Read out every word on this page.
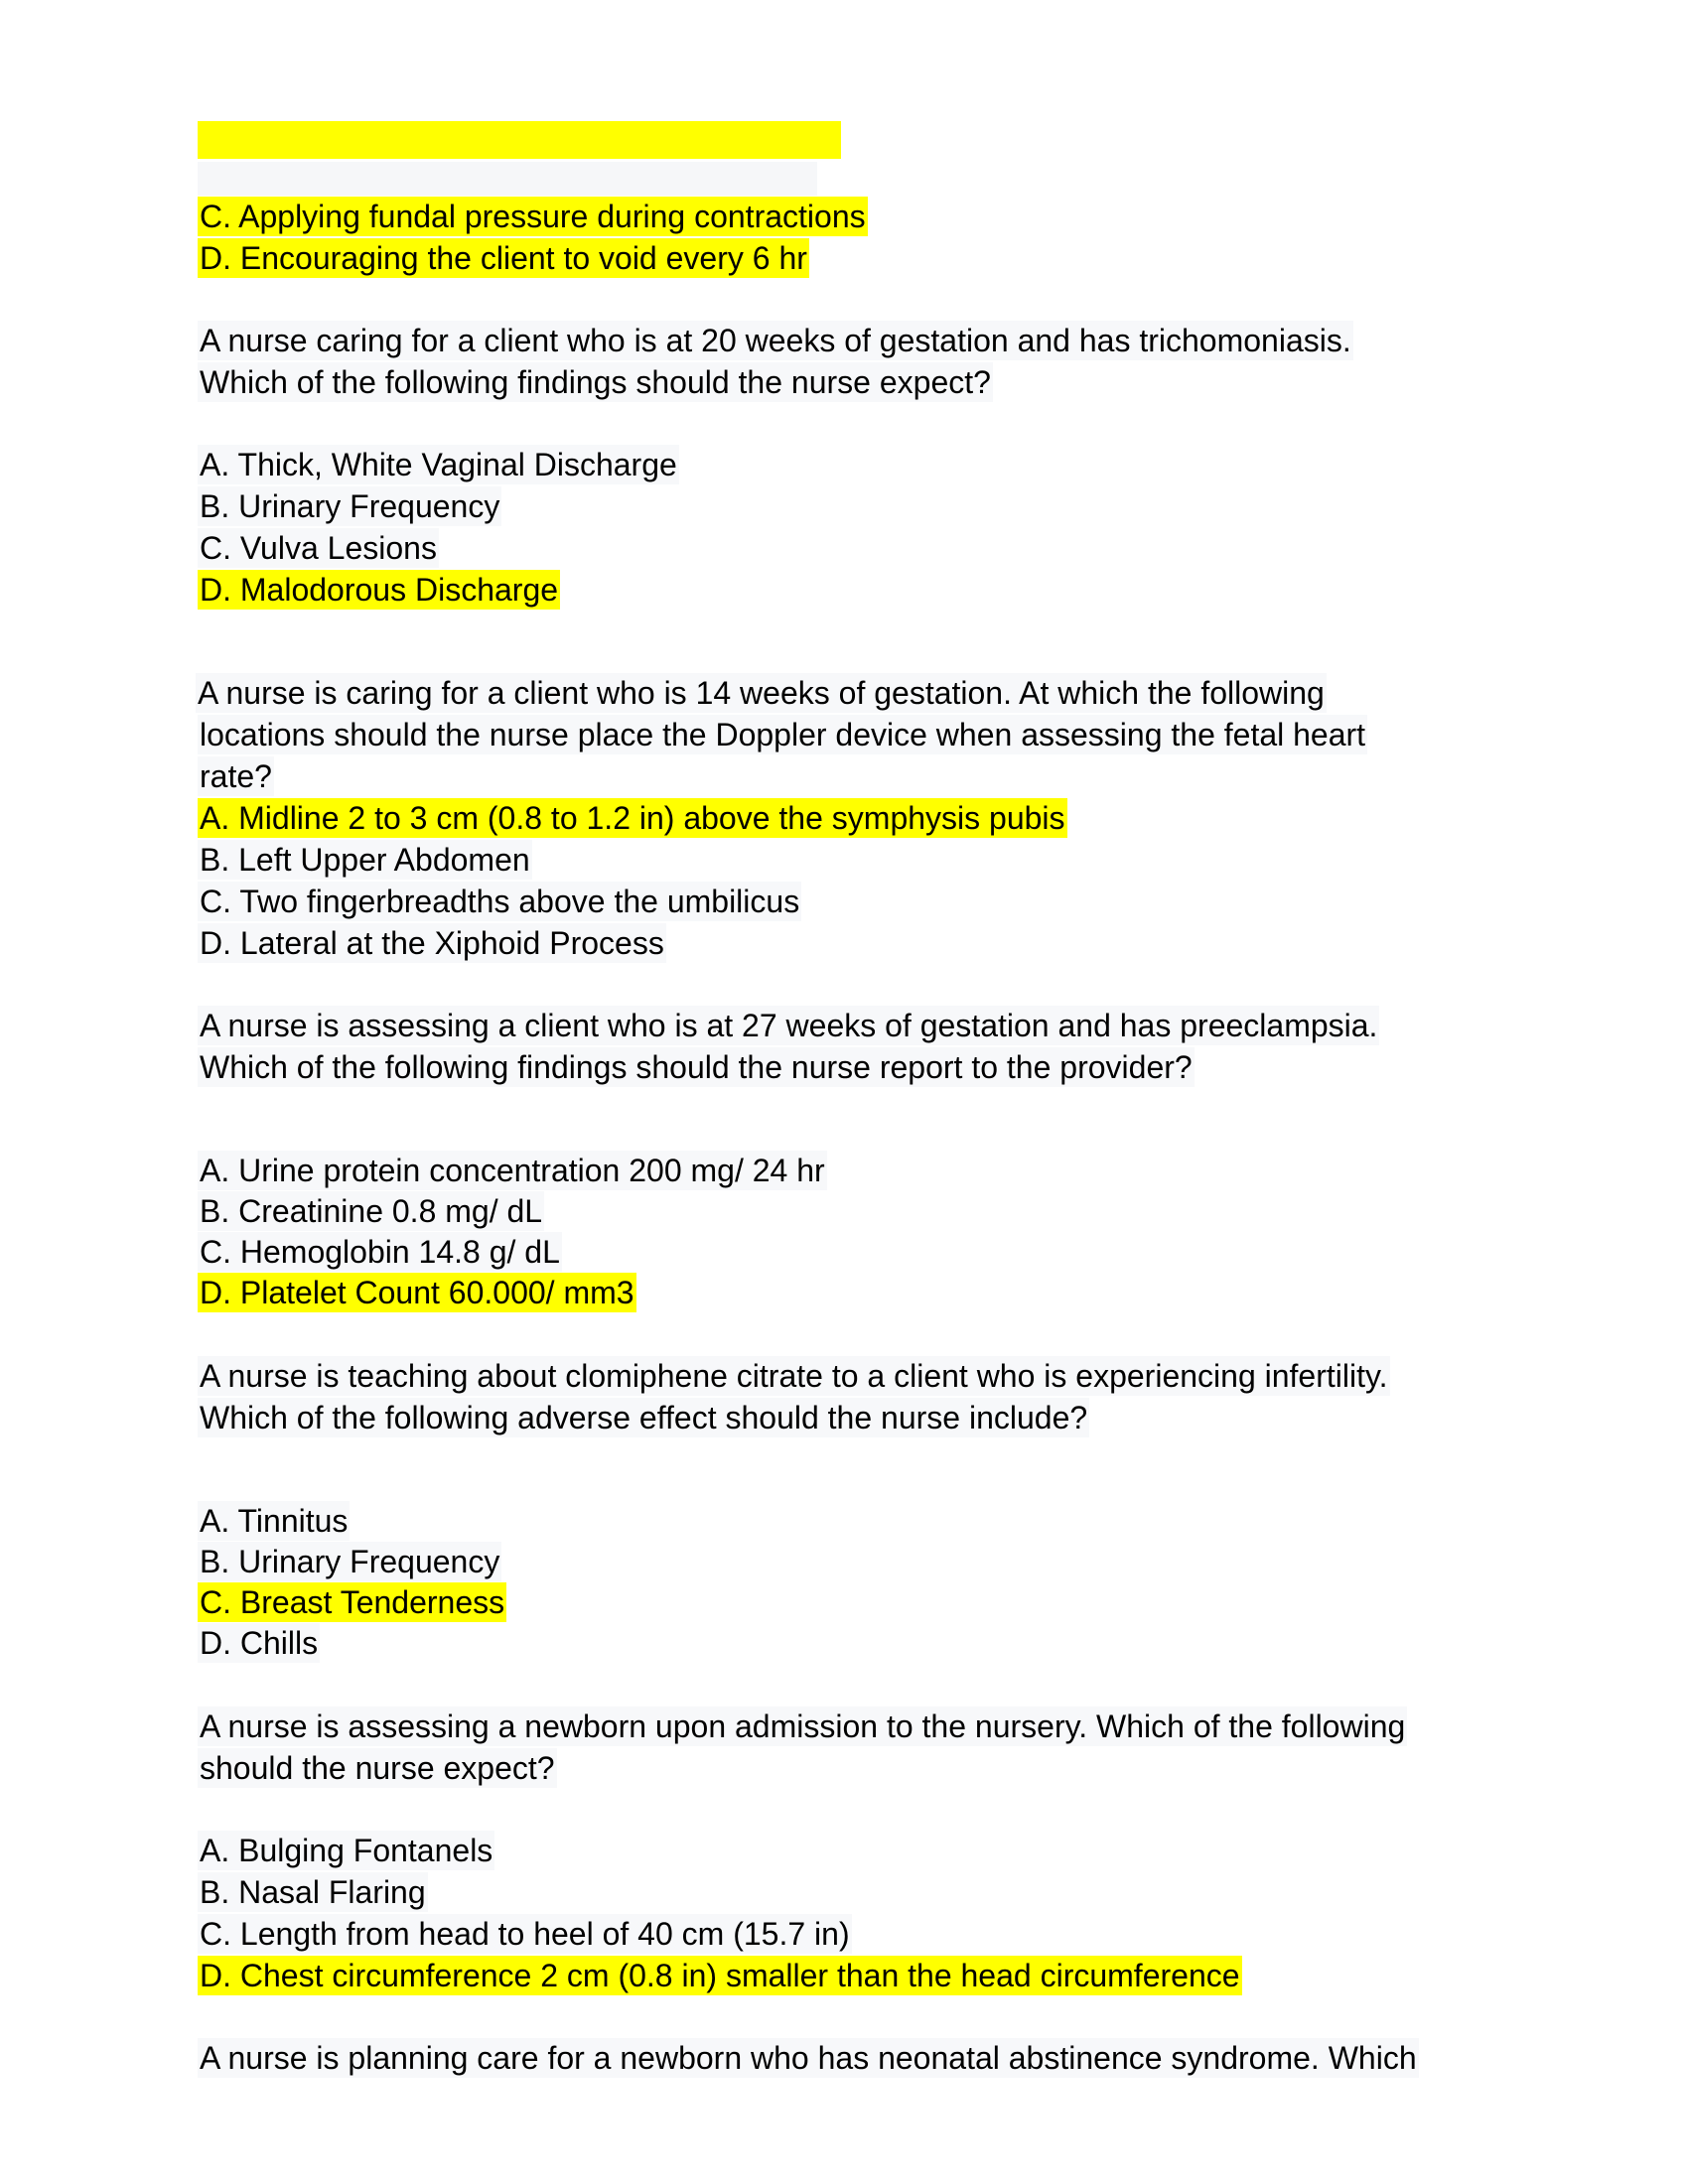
C. Applying fundal pressure during contractions
D. Encouraging the client to void every 6 hr
A nurse caring for a client who is at 20 weeks of gestation and has trichomoniasis.
Which of the following findings should the nurse expect?
A. Thick, White Vaginal Discharge
B. Urinary Frequency
C. Vulva Lesions
D. Malodorous Discharge
A nurse is caring for a client who is 14 weeks of gestation. At which the following
locations should the nurse place the Doppler device when assessing the fetal heart
rate?
A. Midline 2 to 3 cm (0.8 to 1.2 in) above the symphysis pubis
B. Left Upper Abdomen
C. Two fingerbreadths above the umbilicus
D. Lateral at the Xiphoid Process
A nurse is assessing a client who is at 27 weeks of gestation and has preeclampsia.
Which of the following findings should the nurse report to the provider?
A. Urine protein concentration 200 mg/ 24 hr
B. Creatinine 0.8 mg/ dL
C. Hemoglobin 14.8 g/ dL
D. Platelet Count 60.000/ mm3
A nurse is teaching about clomiphene citrate to a client who is experiencing infertility.
Which of the following adverse effect should the nurse include?
A. Tinnitus
B. Urinary Frequency
C. Breast Tenderness
D. Chills
A nurse is assessing a newborn upon admission to the nursery. Which of the following
should the nurse expect?
A. Bulging Fontanels
B. Nasal Flaring
C. Length from head to heel of 40 cm (15.7 in)
D. Chest circumference 2 cm (0.8 in) smaller than the head circumference
A nurse is planning care for a newborn who has neonatal abstinence syndrome. Which
